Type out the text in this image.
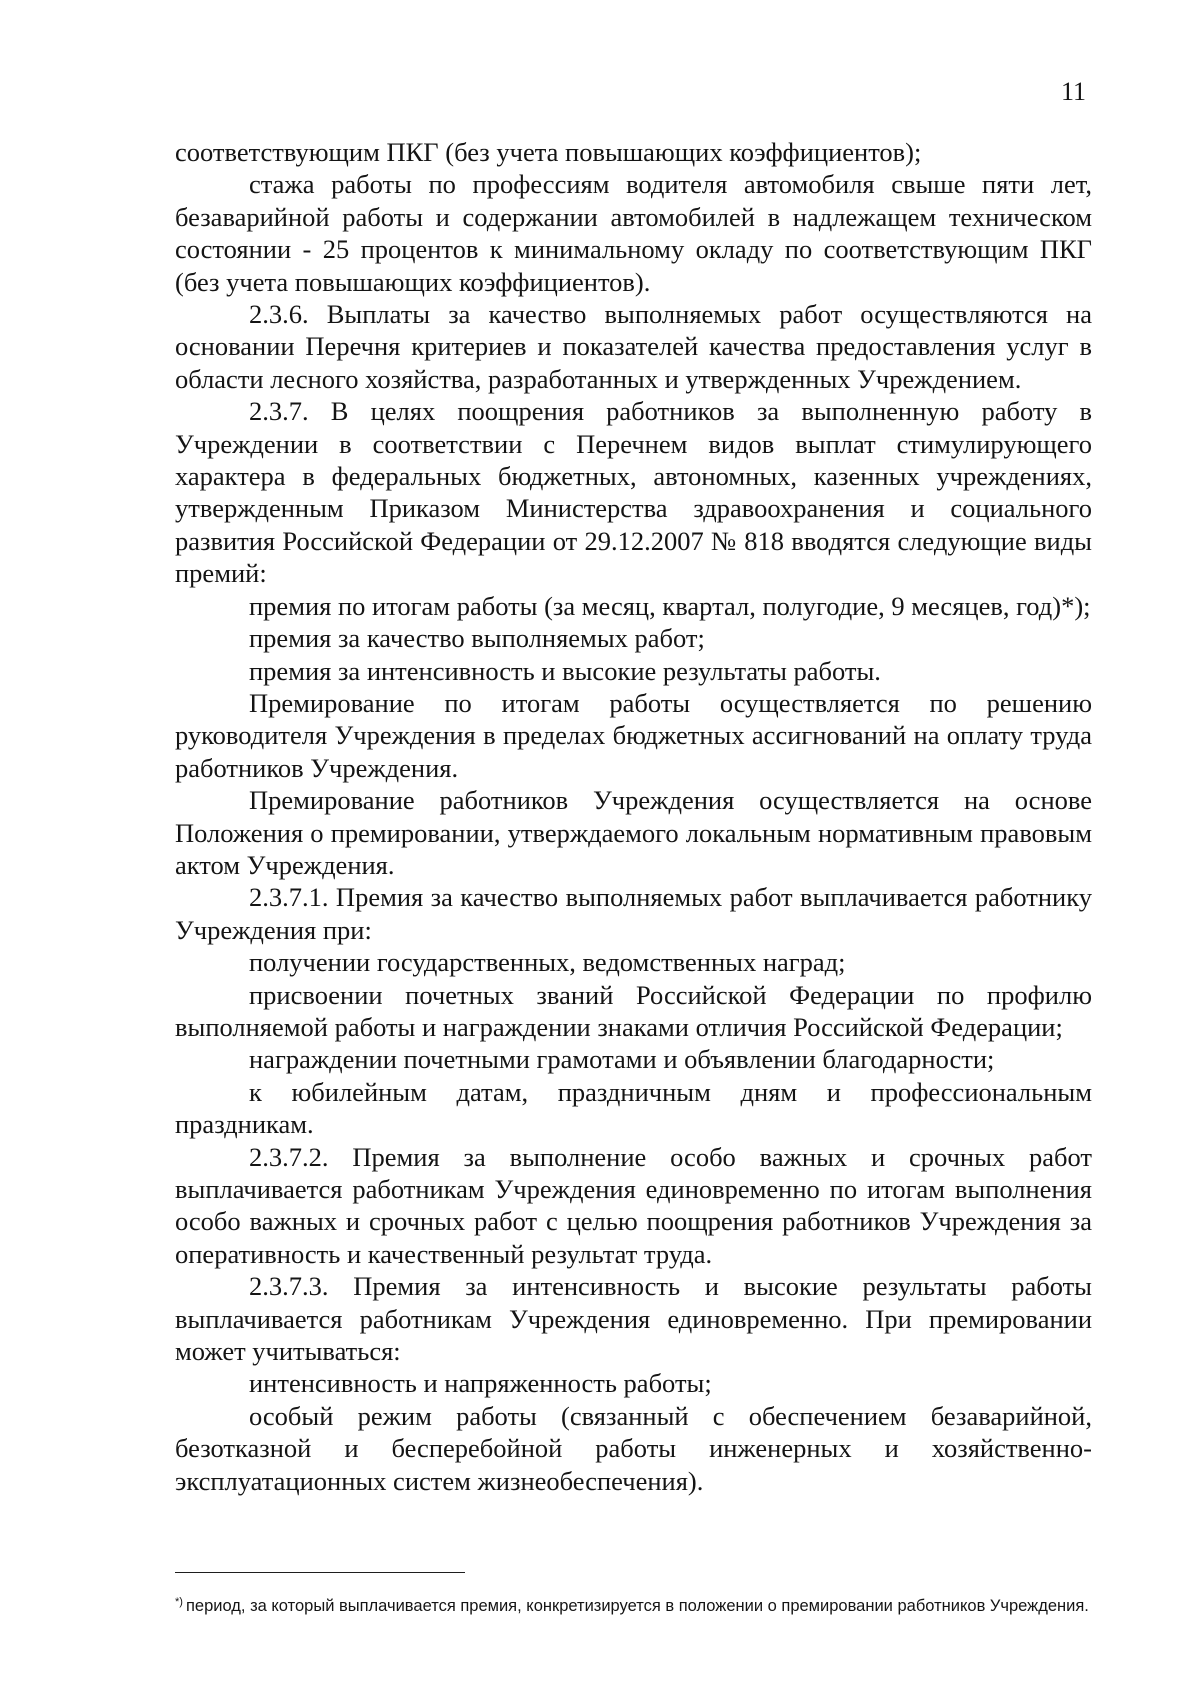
11

соответствующим ПКГ (без учета повышающих коэффициентов);

стажа работы по профессиям водителя автомобиля свыше пяти лет, безаварийной работы и содержании автомобилей в надлежащем техническом состоянии - 25 процентов к минимальному окладу по соответствующим ПКГ (без учета повышающих коэффициентов).

2.3.6. Выплаты за качество выполняемых работ осуществляются на основании Перечня критериев и показателей качества предоставления услуг в области лесного хозяйства, разработанных и утвержденных Учреждением.

2.3.7. В целях поощрения работников за выполненную работу в Учреждении в соответствии с Перечнем видов выплат стимулирующего характера в федеральных бюджетных, автономных, казенных учреждениях, утвержденным Приказом Министерства здравоохранения и социального развития Российской Федерации от 29.12.2007 № 818 вводятся следующие виды премий:

премия по итогам работы (за месяц, квартал, полугодие, 9 месяцев, год)*);

премия за качество выполняемых работ;

премия за интенсивность и высокие результаты работы.

Премирование по итогам работы осуществляется по решению руководителя Учреждения в пределах бюджетных ассигнований на оплату труда работников Учреждения.

Премирование работников Учреждения осуществляется на основе Положения о премировании, утверждаемого локальным нормативным правовым актом Учреждения.

2.3.7.1. Премия за качество выполняемых работ выплачивается работнику Учреждения при:

получении государственных, ведомственных наград;

присвоении почетных званий Российской Федерации по профилю выполняемой работы и награждении знаками отличия Российской Федерации;

награждении почетными грамотами и объявлении благодарности;

к юбилейным датам, праздничным дням и профессиональным праздникам.

2.3.7.2. Премия за выполнение особо важных и срочных работ выплачивается работникам Учреждения единовременно по итогам выполнения особо важных и срочных работ с целью поощрения работников Учреждения за оперативность и качественный результат труда.

2.3.7.3. Премия за интенсивность и высокие результаты работы выплачивается работникам Учреждения единовременно. При премировании может учитываться:

интенсивность и напряженность работы;

особый режим работы (связанный с обеспечением безаварийной, безотказной и бесперебойной работы инженерных и хозяйственно-эксплуатационных систем жизнеобеспечения).

*) период, за который выплачивается премия, конкретизируется в положении о премировании работников Учреждения.
